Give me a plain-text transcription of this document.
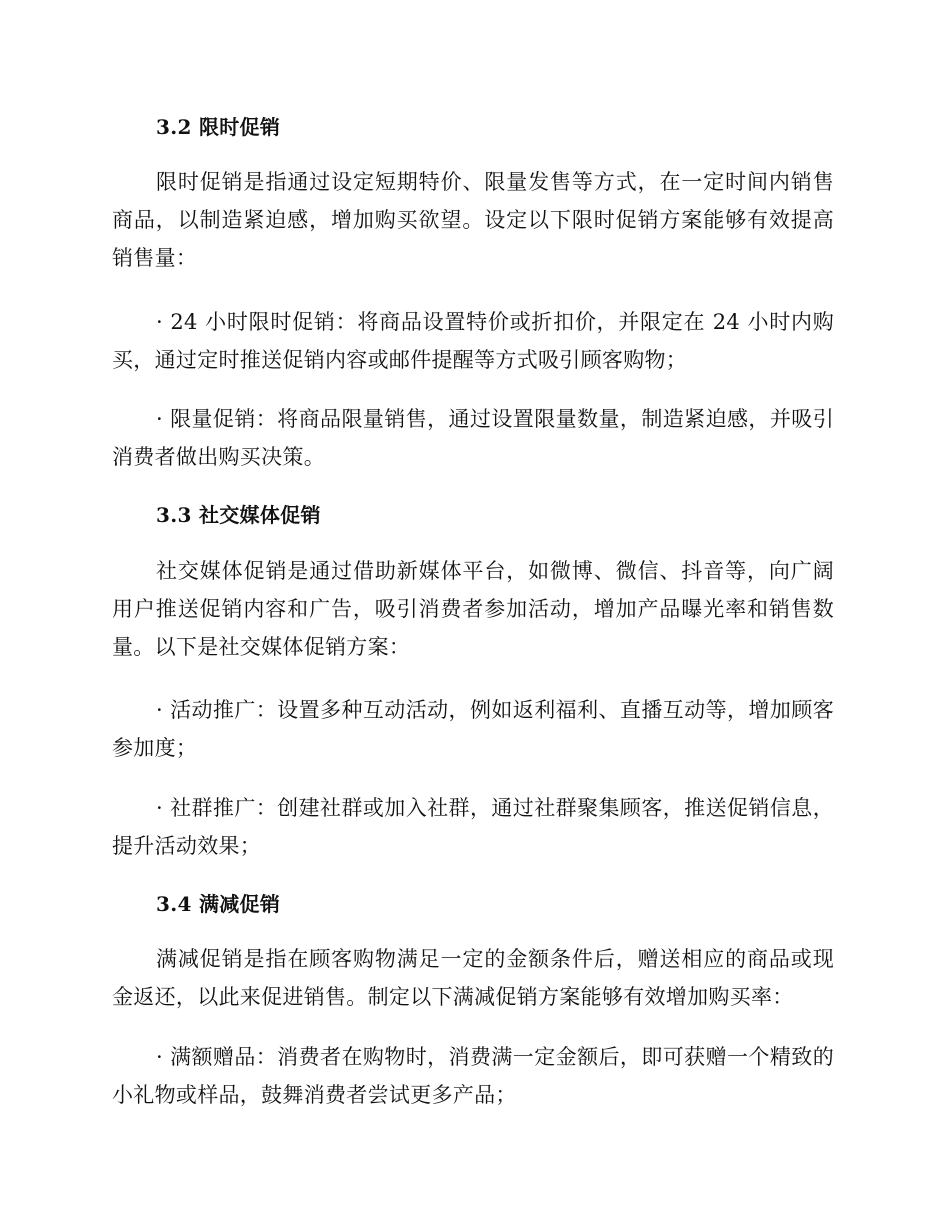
3.2 限时促销

限时促销是指通过设定短期特价、限量发售等方式，在一定时间内销售商品，以制造紧迫感，增加购买欲望。设定以下限时促销方案能够有效提高销售量：

· 24 小时限时促销：将商品设置特价或折扣价，并限定在 24 小时内购买，通过定时推送促销内容或邮件提醒等方式吸引顾客购物；

· 限量促销：将商品限量销售，通过设置限量数量，制造紧迫感，并吸引消费者做出购买决策。

3.3 社交媒体促销

社交媒体促销是通过借助新媒体平台，如微博、微信、抖音等，向广阔用户推送促销内容和广告，吸引消费者参加活动，增加产品曝光率和销售数量。以下是社交媒体促销方案：

· 活动推广：设置多种互动活动，例如返利福利、直播互动等，增加顾客参加度；

· 社群推广：创建社群或加入社群，通过社群聚集顾客，推送促销信息，提升活动效果；

3.4 满减促销

满减促销是指在顾客购物满足一定的金额条件后，赠送相应的商品或现金返还，以此来促进销售。制定以下满减促销方案能够有效增加购买率：

· 满额赠品：消费者在购物时，消费满一定金额后，即可获赠一个精致的小礼物或样品，鼓舞消费者尝试更多产品；
